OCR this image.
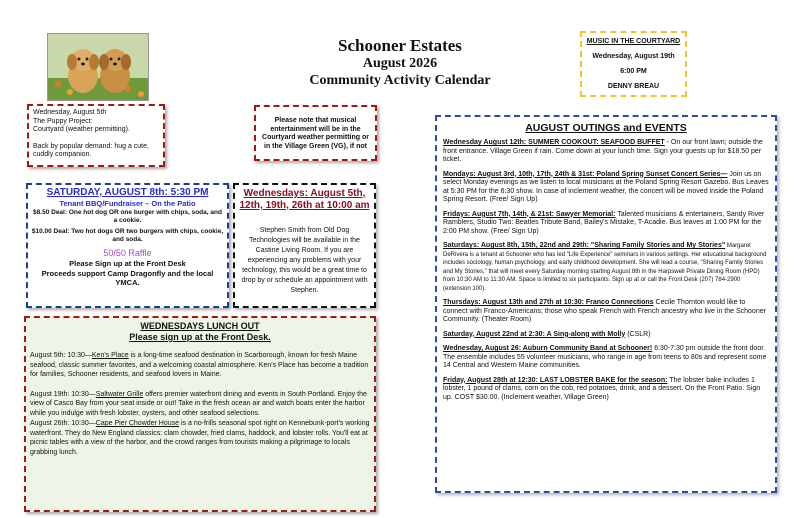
Schooner Estates
August 2026
Community Activity Calendar
MUSIC IN THE COURTYARD
Wednesday, August 19th
6:00 PM
DENNY BREAU
Wednesday, August 5th
The Puppy Project:
Courtyard (weather permitting).
Back by popular demand: hug a cute, cuddly companion.
Please note that musical entertainment will be in the Courtyard weather permitting or in the Village Green (VG), if not
SATURDAY, AUGUST 8th: 5:30 PM
Tenant BBQ/Fundraiser – On the Patio
$8.50 Deal: One hot dog OR one burger with chips, soda, and a cookie.
$10.00 Deal: Two hot dogs OR two burgers with chips, cookie, and soda.
50/50 Raffle
Please Sign up at the Front Desk
Proceeds support Camp Dragonfly and the local YMCA.
Wednesdays: August 5th, 12th, 19th, 26th at 10:00 am
Stephen Smith from Old Dog Technologies will be available in the Castine Living Room. If you are experiencing any problems with your technology, this would be a great time to drop by or schedule an appointment with Stephen.
WEDNESDAYS LUNCH OUT
Please sign up at the Front Desk.

August 5th: 10:30—Ken's Place is a long-time seafood destination in Scarborough, known for fresh Maine seafood, classic summer favorites, and a welcoming coastal atmosphere. Ken's Place has become a tradition for families, Schooner residents, and seafood lovers in Maine.

August 19th: 10:30—Saltwater Grille offers premier waterfront dining and events in South Portland. Enjoy the view of Casco Bay from your seat inside or out! Take in the fresh ocean air and watch boats enter the harbor while you indulge with fresh lobster, oysters, and other seafood selections.

August 26th: 10:30—Cape Pier Chowder House is a no-frills seasonal spot right on Kennebunk-port's working waterfront. They do New England classics: clam chowder, fried clams, haddock, and lobster rolls. You'll eat at picnic tables with a view of the harbor, and the crowd ranges from tourists making a pilgrimage to locals grabbing lunch.

AUGUST OUTINGS and EVENTS
Wednesday August 12th: SUMMER COOKOUT: SEAFOOD BUFFET - On our front lawn; outside the front entrance. Village Green if rain. Come down at your lunch time. Sign your guests up for $18.50 per ticket.
Mondays: August 3rd, 10th, 17th, 24th & 31st: Poland Spring Sunset Concert Series— Join us on select Monday evenings as we listen to local musicians at the Poland Spring Resort Gazebo. Bus Leaves at 5:30 PM for the 6:30 show. In case of inclement weather, the concert will be moved inside the Poland Spring Resort. (Free/ Sign Up)
Fridays: August 7th, 14th, & 21st: Sawyer Memorial: Talented musicians & entertainers, Sandy River Ramblers, Studio Two: Beatles Tribute Band, Bailey's Mistake, T-Acadie. Bus leaves at 1:00 PM for the 2:00 PM show. (Free/ Sign Up)
Saturdays: August 8th, 15th, 22nd and 29th: "Sharing Family Stories and My Stories" Margaret DeRivera is a tenant at Schooner who has led "Life Experience" seminars in various settings. Her educational background includes sociology, human psychology, and early childhood development. She will lead a course, "Sharing Family Stories and My Stories," that will meet every Saturday morning starting August 8th in the Harpswell Private Dining Room (HPD) from 10:30 AM to 11:30 AM. Space is limited to six participants. Sign up at or call the Front Desk (207) 784-2900 (extension 100).
Thursdays: August 13th and 27th at 10:30: Franco Connections Cecile Thornton would like to connect with Franco-Americans; those who speak French with French ancestry who live in the Schooner Community. (Theater Room)
Saturday, August 22nd at 2:30: A Sing-along with Molly (CSLR)
Wednesday, August 26: Auburn Community Band at Schooner! 6:30-7:30 pm outside the front door. The ensemble includes 55 volunteer musicians, who range in age from teens to 80s and represent some 14 Central and Western Maine communities.
Friday, August 28th at 12:30: LAST LOBSTER BAKE for the season: The lobster bake includes 1 lobster, 1 pound of clams, corn on the cob, red potatoes, drink, and a dessert. On the Front Patio. Sign up. COST $30.00. (Inclement weather, Village Green)
